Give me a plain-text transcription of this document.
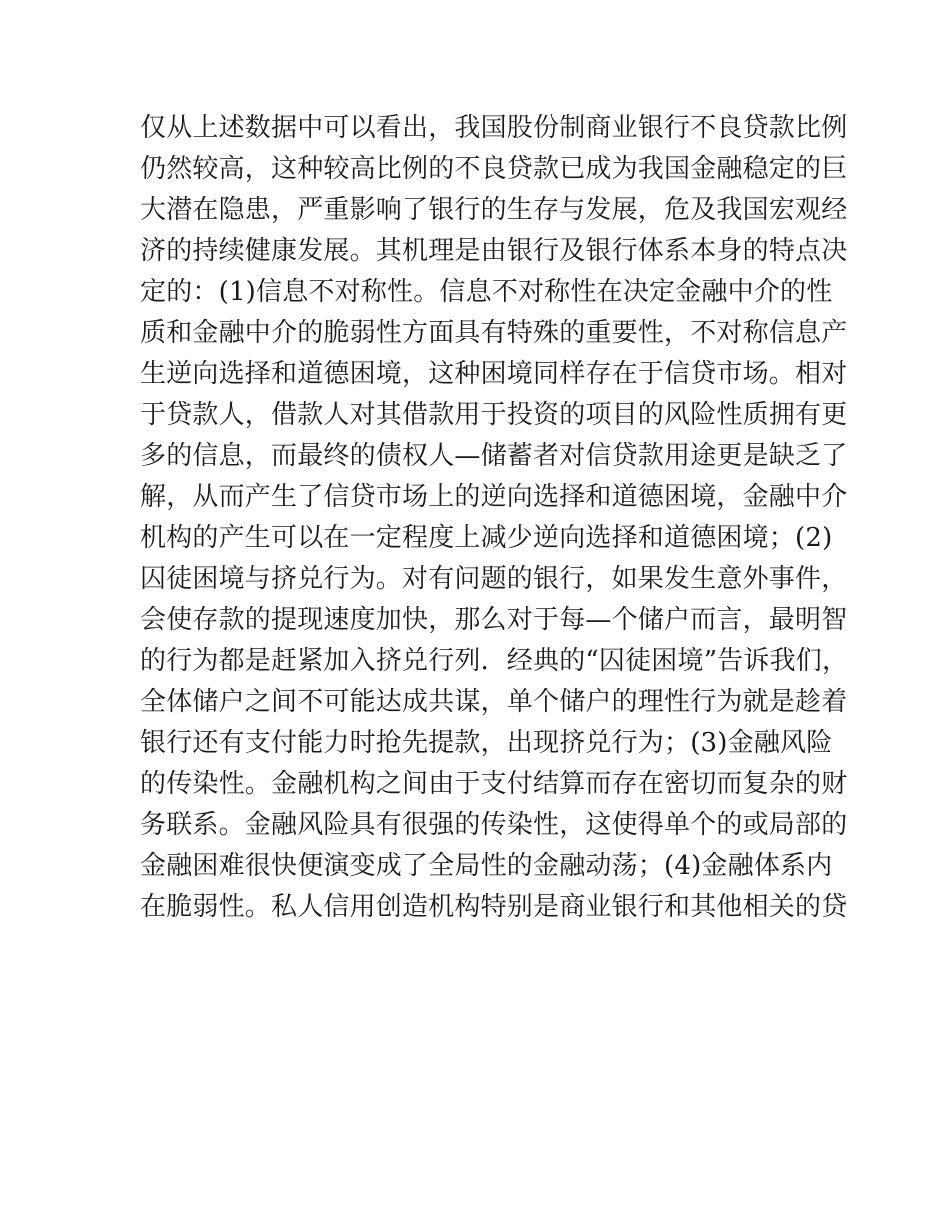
仅从上述数据中可以看出，我国股份制商业银行不良贷款比例
仍然较高，这种较高比例的不良贷款已成为我国金融稳定的巨
大潜在隐患，严重影响了银行的生存与发展，危及我国宏观经
济的持续健康发展。其机理是由银行及银行体系本身的特点决
定的：(1)信息不对称性。信息不对称性在决定金融中介的性
质和金融中介的脆弱性方面具有特殊的重要性，不对称信息产
生逆向选择和道德困境，这种困境同样存在于信贷市场。相对
于贷款人，借款人对其借款用于投资的项目的风险性质拥有更
多的信息，而最终的债权人—储蓄者对信贷款用途更是缺乏了
解，从而产生了信贷市场上的逆向选择和道德困境，金融中介
机构的产生可以在一定程度上减少逆向选择和道德困境；(2)
囚徒困境与挤兑行为。对有问题的银行，如果发生意外事件，
会使存款的提现速度加快，那么对于每—个储户而言，最明智
的行为都是赶紧加入挤兑行列．经典的“囚徒困境”告诉我们，
全体储户之间不可能达成共谋，单个储户的理性行为就是趁着
银行还有支付能力时抢先提款，出现挤兑行为；(3)金融风险
的传染性。金融机构之间由于支付结算而存在密切而复杂的财
务联系。金融风险具有很强的传染性，这使得单个的或局部的
金融困难很快便演变成了全局性的金融动荡；(4)金融体系内
在脆弱性。私人信用创造机构特别是商业银行和其他相关的贷
